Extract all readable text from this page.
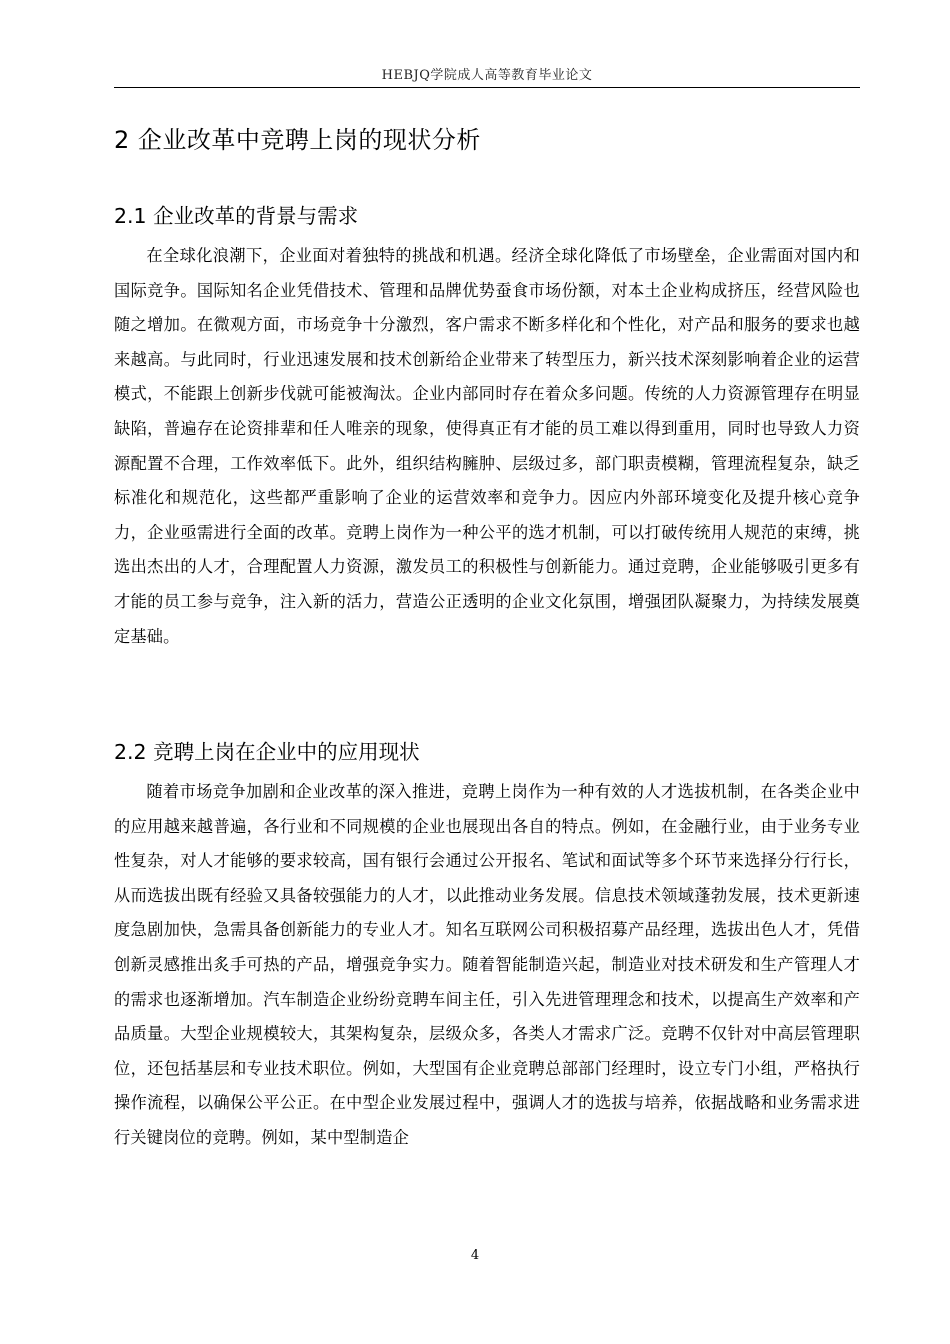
HEBJQ学院成人高等教育毕业论文
2 企业改革中竞聘上岗的现状分析
2.1 企业改革的背景与需求

在全球化浪潮下，企业面对着独特的挑战和机遇。经济全球化降低了市场壁垒，企业需面对国内和国际竞争。国际知名企业凭借技术、管理和品牌优势蚕食市场份额，对本土企业构成挤压，经营风险也随之增加。在微观方面，市场竞争十分激烈，客户需求不断多样化和个性化，对产品和服务的要求也越来越高。与此同时，行业迅速发展和技术创新给企业带来了转型压力，新兴技术深刻影响着企业的运营模式，不能跟上创新步伐就可能被淘汰。企业内部同时存在着众多问题。传统的人力资源管理存在明显缺陷，普遍存在论资排辈和任人唯亲的现象，使得真正有才能的员工难以得到重用，同时也导致人力资源配置不合理，工作效率低下。此外，组织结构臃肿、层级过多，部门职责模糊，管理流程复杂，缺乏标准化和规范化，这些都严重影响了企业的运营效率和竞争力。因应内外部环境变化及提升核心竞争力，企业亟需进行全面的改革。竞聘上岗作为一种公平的选才机制，可以打破传统用人规范的束缚，挑选出杰出的人才，合理配置人力资源，激发员工的积极性与创新能力。通过竞聘，企业能够吸引更多有才能的员工参与竞争，注入新的活力，营造公正透明的企业文化氛围，增强团队凝聚力，为持续发展奠定基础。

2.2 竞聘上岗在企业中的应用现状

随着市场竞争加剧和企业改革的深入推进，竞聘上岗作为一种有效的人才选拔机制，在各类企业中的应用越来越普遍，各行业和不同规模的企业也展现出各自的特点。例如，在金融行业，由于业务专业性复杂，对人才能够的要求较高，国有银行会通过公开报名、笔试和面试等多个环节来选择分行行长，从而选拔出既有经验又具备较强能力的人才，以此推动业务发展。信息技术领域蓬勃发展，技术更新速度急剧加快，急需具备创新能力的专业人才。知名互联网公司积极招募产品经理，选拔出色人才，凭借创新灵感推出炙手可热的产品，增强竞争实力。随着智能制造兴起，制造业对技术研发和生产管理人才的需求也逐渐增加。汽车制造企业纷纷竞聘车间主任，引入先进管理理念和技术，以提高生产效率和产品质量。大型企业规模较大，其架构复杂，层级众多，各类人才需求广泛。竞聘不仅针对中高层管理职位，还包括基层和专业技术职位。例如，大型国有企业竞聘总部部门经理时，设立专门小组，严格执行操作流程，以确保公平公正。在中型企业发展过程中，强调人才的选拔与培养，依据战略和业务需求进行关键岗位的竞聘。例如，某中型制造企

4
